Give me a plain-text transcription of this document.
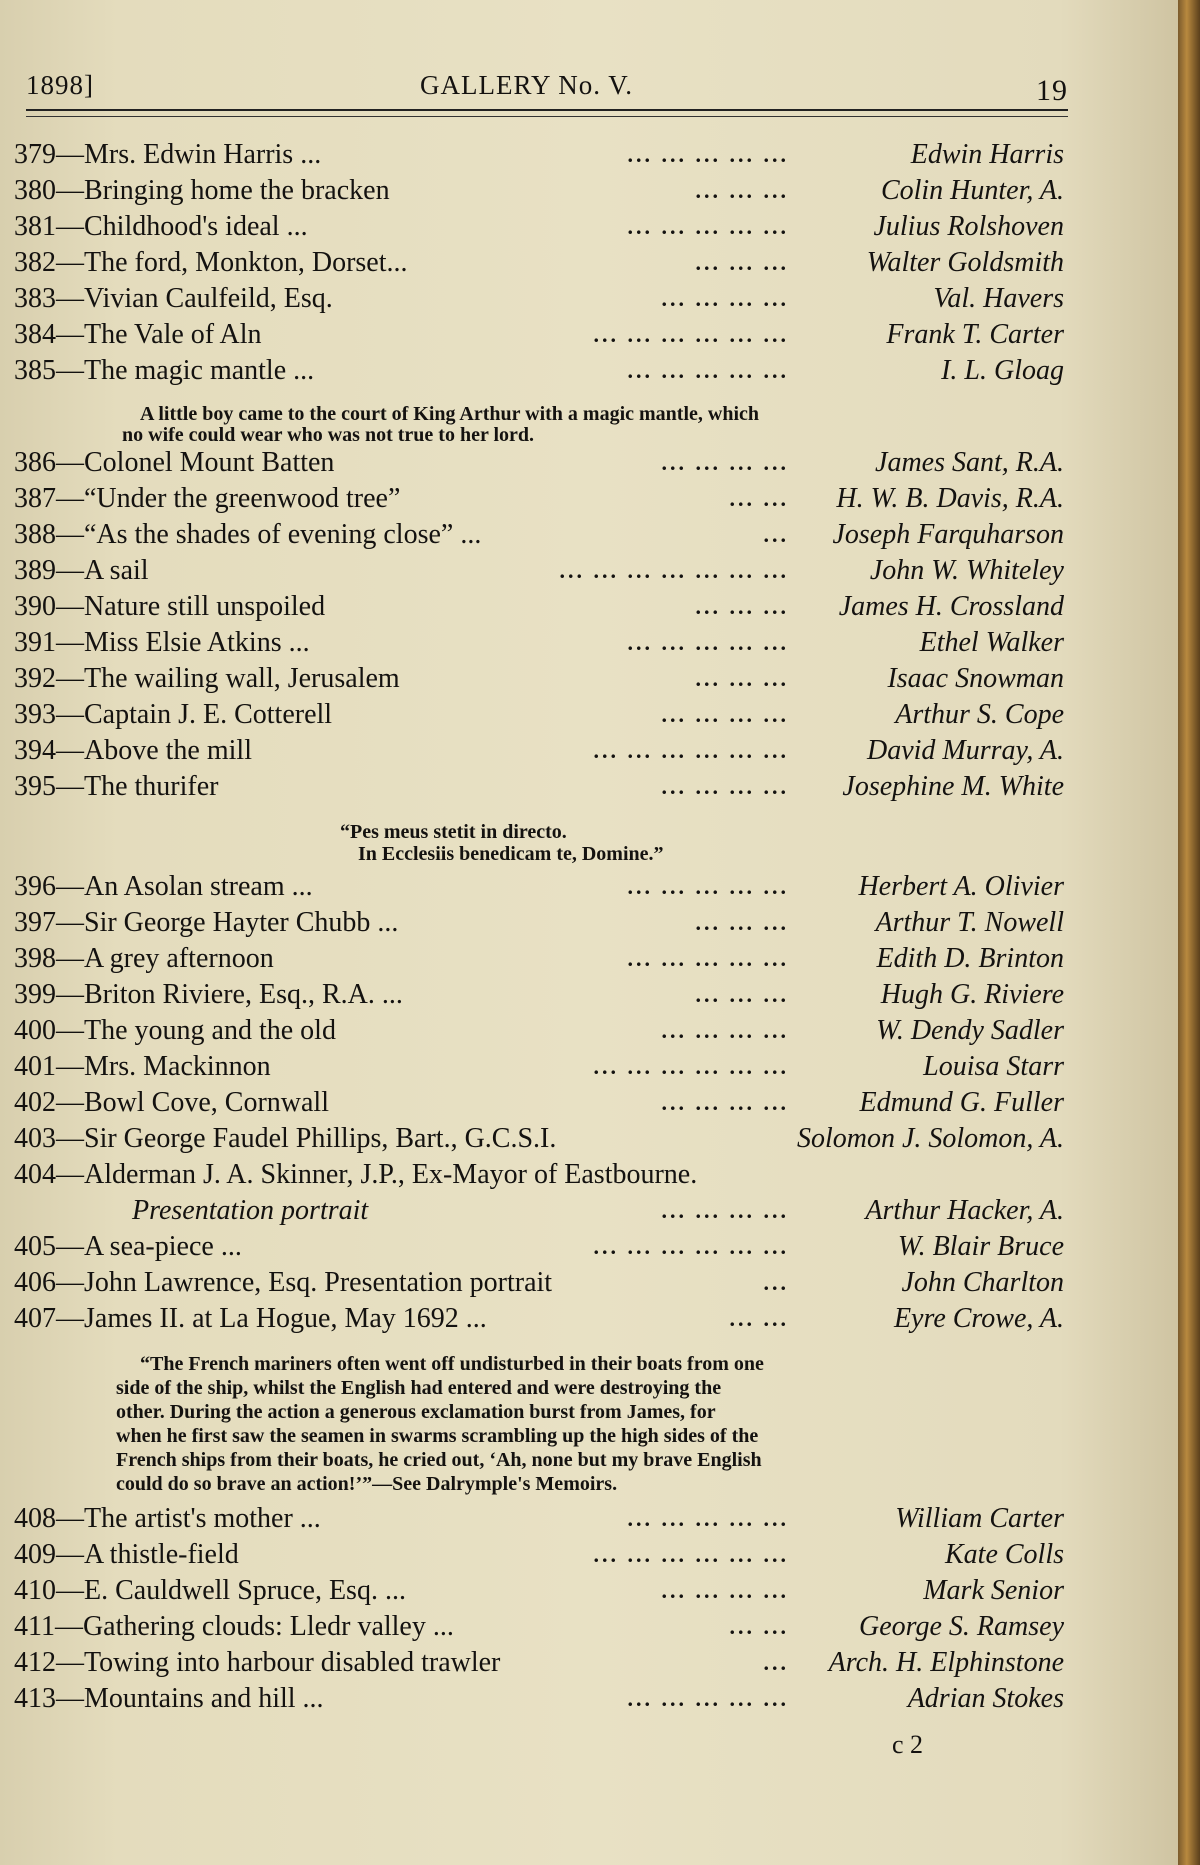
1898]	GALLERY No. V.	19
379—Mrs. Edwin Harris ...	... ... ... ... ...	Edwin Harris
380—Bringing home the bracken	... ... ...	Colin Hunter, A.
381—Childhood's ideal ...	... ... ... ... ...	Julius Rolshoven
382—The ford, Monkton, Dorset...	... ... ...	Walter Goldsmith
383—Vivian Caulfeild, Esq.	... ... ... ...	Val. Havers
384—The Vale of Aln	... ... ... ... ... ...	Frank T. Carter
385—The magic mantle ...	... ... ... ... ...	I. L. Gloag
386—Colonel Mount Batten	... ... ... ...	James Sant, R.A.
387—“Under the greenwood tree”	... ... H. W. B. Davis, R.A.
388—“As the shades of evening close” ...	... Joseph Farquharson
389—A sail	... ... ... ... ... ... ...	John W. Whiteley
390—Nature still unspoiled	... ... ... James H. Crossland
391—Miss Elsie Atkins ...	... ... ... ... ...	Ethel Walker
392—The wailing wall, Jerusalem	... ... ...	Isaac Snowman
393—Captain J. E. Cotterell	... ... ... ...	Arthur S. Cope
394—Above the mill	... ... ... ... ... ...	David Murray, A.
395—The thurifer	... ... ... ... Josephine M. White
396—An Asolan stream ...	... ... ... ... ... Herbert A. Olivier
397—Sir George Hayter Chubb ...	... ... ...	Arthur T. Nowell
398—A grey afternoon	... ... ... ... ...	Edith D. Brinton
399—Briton Riviere, Esq., R.A. ...	... ... ...	Hugh G. Riviere
400—The young and the old	... ... ... ...	W. Dendy Sadler
401—Mrs. Mackinnon	... ... ... ... ... ...	Louisa Starr
402—Bowl Cove, Cornwall	... ... ... ...	Edmund G. Fuller
403—Sir George Faudel Phillips, Bart., G.C.S.I.	Solomon J. Solomon, A.
404—Alderman J. A. Skinner, J.P., Ex-Mayor of Eastbourne.
Presentation portrait	... ... ... ...	Arthur Hacker, A.
405—A sea-piece ...	... ... ... ... ... ...	W. Blair Bruce
406—John Lawrence, Esq. Presentation portrait	...	John Charlton
407—James II. at La Hogue, May 1692 ...	... ...	Eyre Crowe, A.
408—The artist's mother ...	... ... ... ... ...	William Carter
409—A thistle-field	... ... ... ... ... ...	Kate Colls
410—E. Cauldwell Spruce, Esq. ...	... ... ... ...	Mark Senior
411—Gathering clouds: Lledr valley ...	... ... George S. Ramsey
412—Towing into harbour disabled trawler	... Arch. H. Elphinstone
413—Mountains and hill ...	... ... ... ... ...	Adrian Stokes
A little boy came to the court of King Arthur with a magic mantle, which
no wife could wear who was not true to her lord.
“Pes meus stetit in directo.
In Ecclesiis benedicam te, Domine.”
“The French mariners often went off undisturbed in their boats from one
side of the ship, whilst the English had entered and were destroying the
other. During the action a generous exclamation burst from James, for
when he first saw the seamen in swarms scrambling up the high sides of the
French ships from their boats, he cried out, ‘Ah, none but my brave English
could do so brave an action!’”—See Dalrymple's Memoirs.
c 2
